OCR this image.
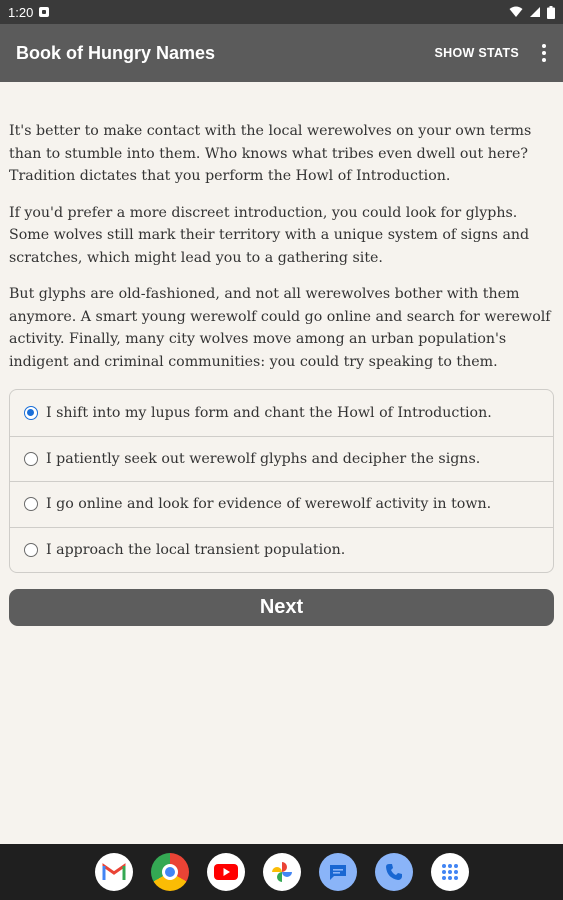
1:20
Book of Hungry Names	SHOW STATS

It's better to make contact with the local werewolves on your own terms than to stumble into them. Who knows what tribes even dwell out here? Tradition dictates that you perform the Howl of Introduction.

If you'd prefer a more discreet introduction, you could look for glyphs. Some wolves still mark their territory with a unique system of signs and scratches, which might lead you to a gathering site.

But glyphs are old-fashioned, and not all werewolves bother with them anymore. A smart young werewolf could go online and search for werewolf activity. Finally, many city wolves move among an urban population's indigent and criminal communities: you could try speaking to them.

I shift into my lupus form and chant the Howl of Introduction.
I patiently seek out werewolf glyphs and decipher the signs.
I go online and look for evidence of werewolf activity in town.
I approach the local transient population.
Next
